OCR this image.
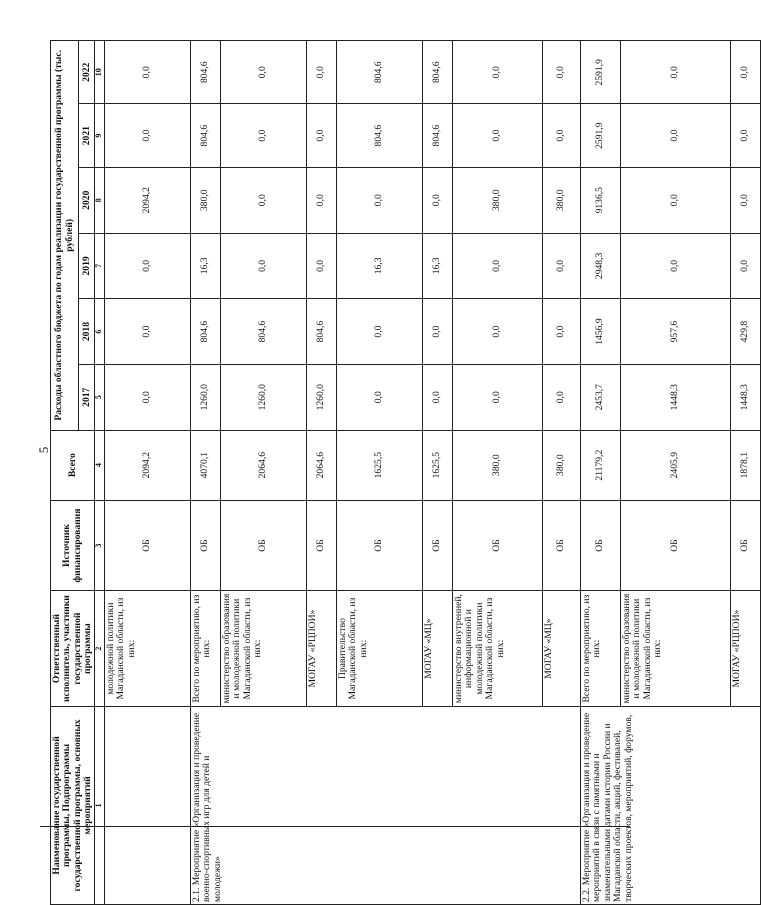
5
Наименование государственной программы, Подпрограммы государственной программы, основных мероприятий	Ответственный исполнитель, участники государственной программы	Источник финансирования	Всего	Расходы областного бюджета по годам реализации государственной программы (тыс. рублей)					
				2017	2018	2019	2020	2021	2022
1	2	3	4	5	6	7	8	9	10
	молодежной политики Магаданской области, из них:	ОБ	2094,2	0,0	0,0	0,0	2094,2	0,0	0,0
2.1. Мероприятие «Организация и проведение военно-спортивных игр для детей и молодежи»	Всего по мероприятию, из них:	ОБ	4070,1	1260,0	804,6	16,3	380,0	804,6	804,6
	министерство образования и молодежной политики Магаданской области, из них:	ОБ	2064,6	1260,0	804,6	0,0	0,0	0,0	0,0
	МОГАУ «РЦПОИ»	ОБ	2064,6	1260,0	804,6	0,0	0,0	0,0	0,0
	Правительство Магаданской области, из них:	ОБ	1625,5	0,0	0,0	16,3	0,0	804,6	804,6
	МОГАУ «МЦ»	ОБ	1625,5	0,0	0,0	16,3	0,0	804,6	804,6
	министерство внутренней, информационной и молодежной политики Магаданской области, из них:	ОБ	380,0	0,0	0,0	0,0	380,0	0,0	0,0
	МОГАУ «МЦ»	ОБ	380,0	0,0	0,0	0,0	380,0	0,0	0,0
2.2. Мероприятие «Организация и проведение мероприятий в связи с памятными и знаменательными датами истории России и Магаданской области, акций, фестивалей, творческих проектов, мероприятий, форумов,	Всего по мероприятию, из них:	ОБ	21179,2	2453,7	1456,9	2948,3	9136,5	2591,9	2591,9
	министерство образования и молодежной политики Магаданской области, из них:	ОБ	2405,9	1448,3	957,6	0,0	0,0	0,0	0,0
	МОГАУ «РЦПОИ»	ОБ	1878,1	1448,3	429,8	0,0	0,0	0,0	0,0
